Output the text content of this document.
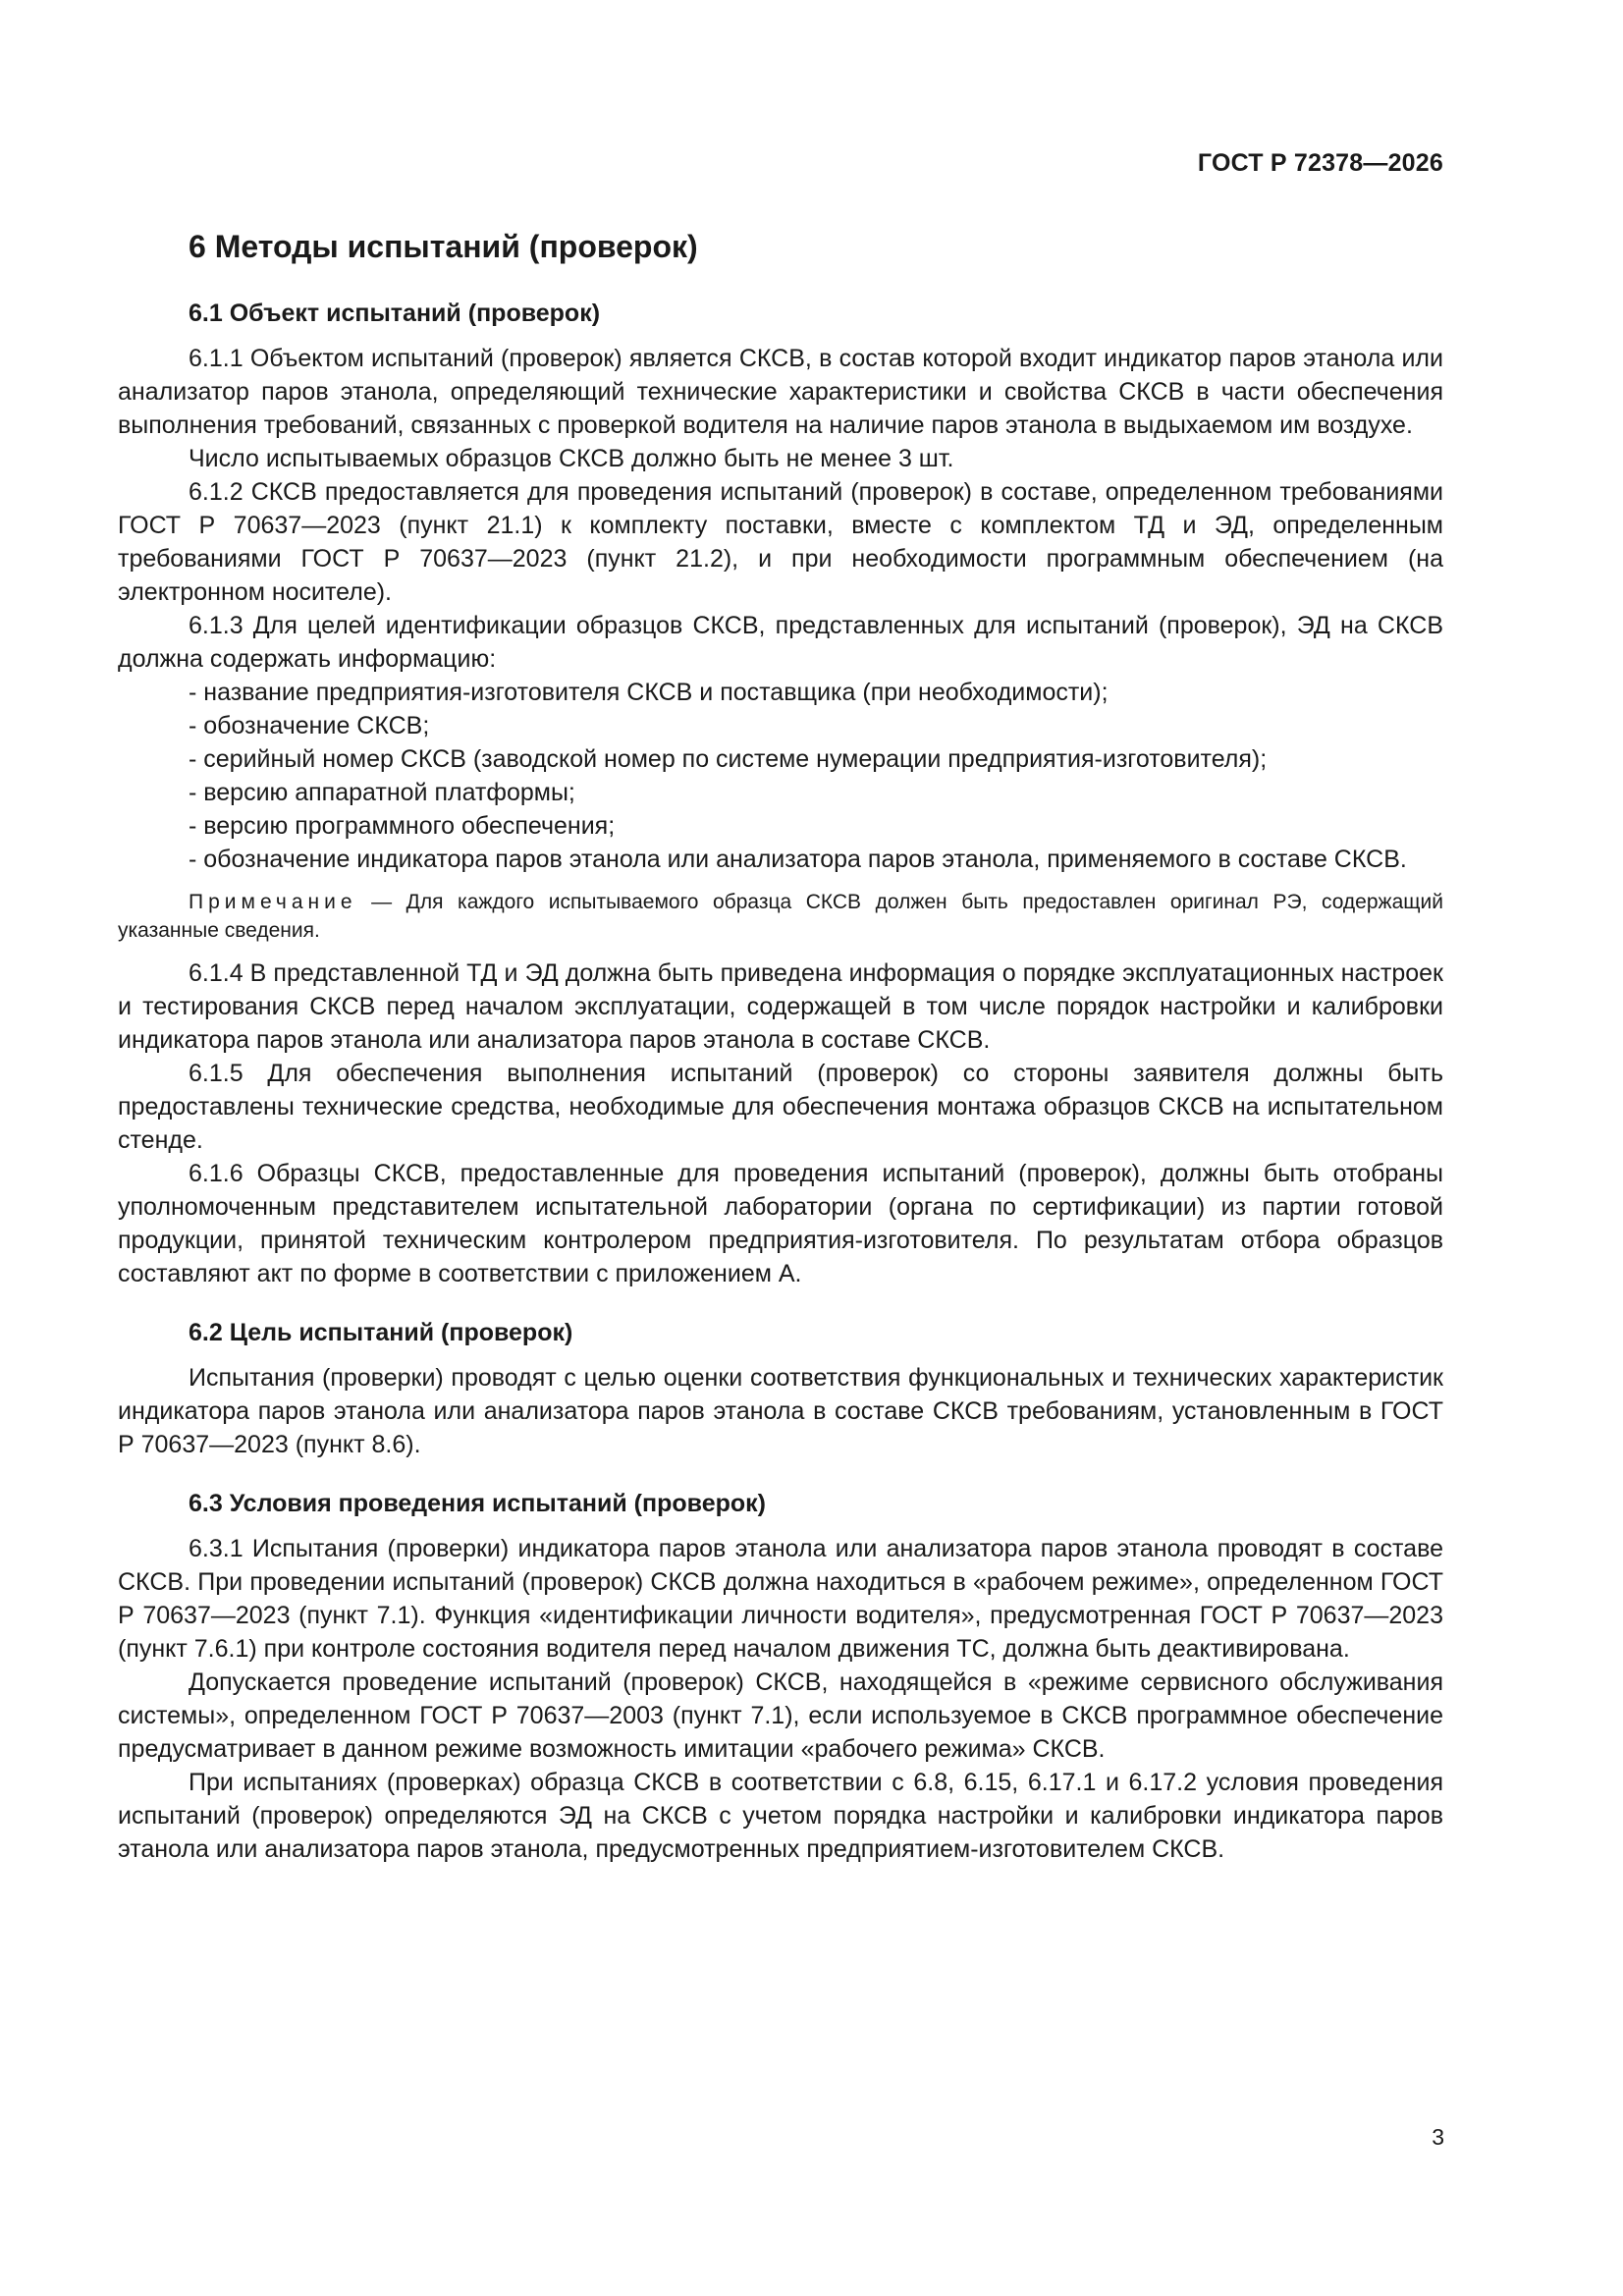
ГОСТ Р 72378—2026
6 Методы испытаний (проверок)
6.1 Объект испытаний (проверок)

6.1.1 Объектом испытаний (проверок) является СКСВ, в состав которой входит индикатор паров этанола или анализатор паров этанола, определяющий технические характеристики и свойства СКСВ в части обеспечения выполнения требований, связанных с проверкой водителя на наличие паров этанола в выдыхаемом им воздухе.

Число испытываемых образцов СКСВ должно быть не менее 3 шт.

6.1.2 СКСВ предоставляется для проведения испытаний (проверок) в составе, определенном требованиями ГОСТ Р 70637—2023 (пункт 21.1) к комплекту поставки, вместе с комплектом ТД и ЭД, определенным требованиями ГОСТ Р 70637—2023 (пункт 21.2), и при необходимости программным обеспечением (на электронном носителе).

6.1.3 Для целей идентификации образцов СКСВ, представленных для испытаний (проверок), ЭД на СКСВ должна содержать информацию:

- название предприятия-изготовителя СКСВ и поставщика (при необходимости);
- обозначение СКСВ;
- серийный номер СКСВ (заводской номер по системе нумерации предприятия-изготовителя);
- версию аппаратной платформы;
- версию программного обеспечения;
- обозначение индикатора паров этанола или анализатора паров этанола, применяемого в составе СКСВ.

Примечание — Для каждого испытываемого образца СКСВ должен быть предоставлен оригинал РЭ, содержащий указанные сведения.

6.1.4 В представленной ТД и ЭД должна быть приведена информация о порядке эксплуатационных настроек и тестирования СКСВ перед началом эксплуатации, содержащей в том числе порядок настройки и калибровки индикатора паров этанола или анализатора паров этанола в составе СКСВ.

6.1.5 Для обеспечения выполнения испытаний (проверок) со стороны заявителя должны быть предоставлены технические средства, необходимые для обеспечения монтажа образцов СКСВ на испытательном стенде.

6.1.6 Образцы СКСВ, предоставленные для проведения испытаний (проверок), должны быть отобраны уполномоченным представителем испытательной лаборатории (органа по сертификации) из партии готовой продукции, принятой техническим контролером предприятия-изготовителя. По результатам отбора образцов составляют акт по форме в соответствии с приложением А.

6.2 Цель испытаний (проверок)

Испытания (проверки) проводят с целью оценки соответствия функциональных и технических характеристик индикатора паров этанола или анализатора паров этанола в составе СКСВ требованиям, установленным в ГОСТ Р 70637—2023 (пункт 8.6).

6.3 Условия проведения испытаний (проверок)

6.3.1 Испытания (проверки) индикатора паров этанола или анализатора паров этанола проводят в составе СКСВ. При проведении испытаний (проверок) СКСВ должна находиться в «рабочем режиме», определенном ГОСТ Р 70637—2023 (пункт 7.1). Функция «идентификации личности водителя», предусмотренная ГОСТ Р 70637—2023 (пункт 7.6.1) при контроле состояния водителя перед началом движения ТС, должна быть деактивирована.

Допускается проведение испытаний (проверок) СКСВ, находящейся в «режиме сервисного обслуживания системы», определенном ГОСТ Р 70637—2003 (пункт 7.1), если используемое в СКСВ программное обеспечение предусматривает в данном режиме возможность имитации «рабочего режима» СКСВ.

При испытаниях (проверках) образца СКСВ в соответствии с 6.8, 6.15, 6.17.1 и 6.17.2 условия проведения испытаний (проверок) определяются ЭД на СКСВ с учетом порядка настройки и калибровки индикатора паров этанола или анализатора паров этанола, предусмотренных предприятием-изготовителем СКСВ.

3
